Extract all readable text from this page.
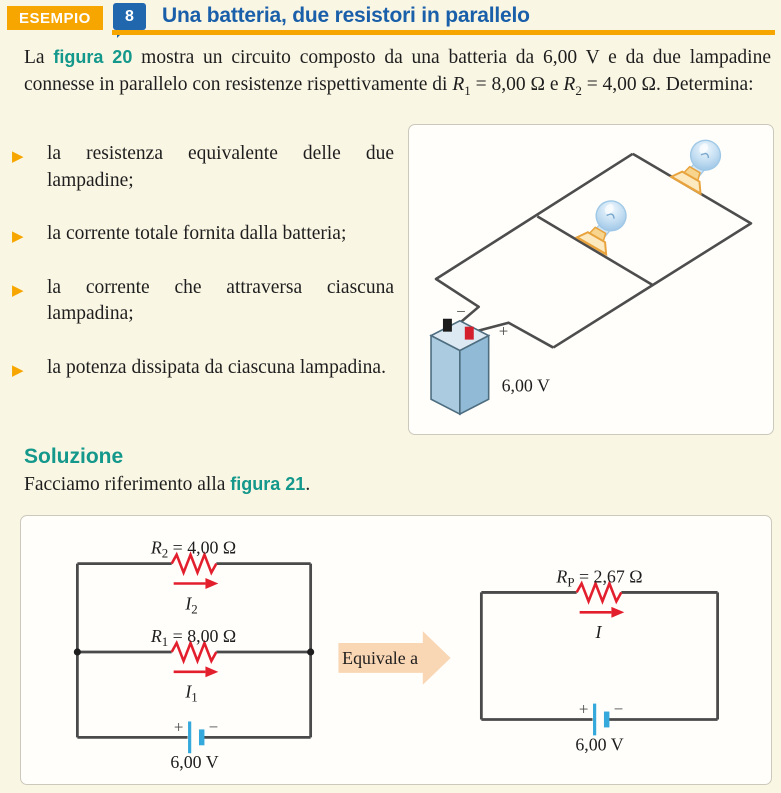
ESEMPIO	8 Una batteria, due resistori in parallelo

La figura 20 mostra un circuito composto da una batteria da 6,00 V e da due lampadine connesse in parallelo con resistenze rispettivamente di $R_1 = 8,00$ Ω e $R_2 = 4,00$ Ω. Determina:

▶ la resistenza equivalente delle due lampadine;
▶ la corrente totale fornita dalla batteria;
▶ la corrente che attraversa ciascuna lampadina;
▶ la potenza dissipata da ciascuna lampadina.
−
+
6,00 V
Soluzione

Facciamo riferimento alla figura 21.

$R_2 = 4,00$ Ω
$I_2$
$R_1 = 8,00$ Ω
$I_1$
+ −
6,00 V
Equivale a
$R_P = 2,67$ Ω
I
+ −
6,00 V
